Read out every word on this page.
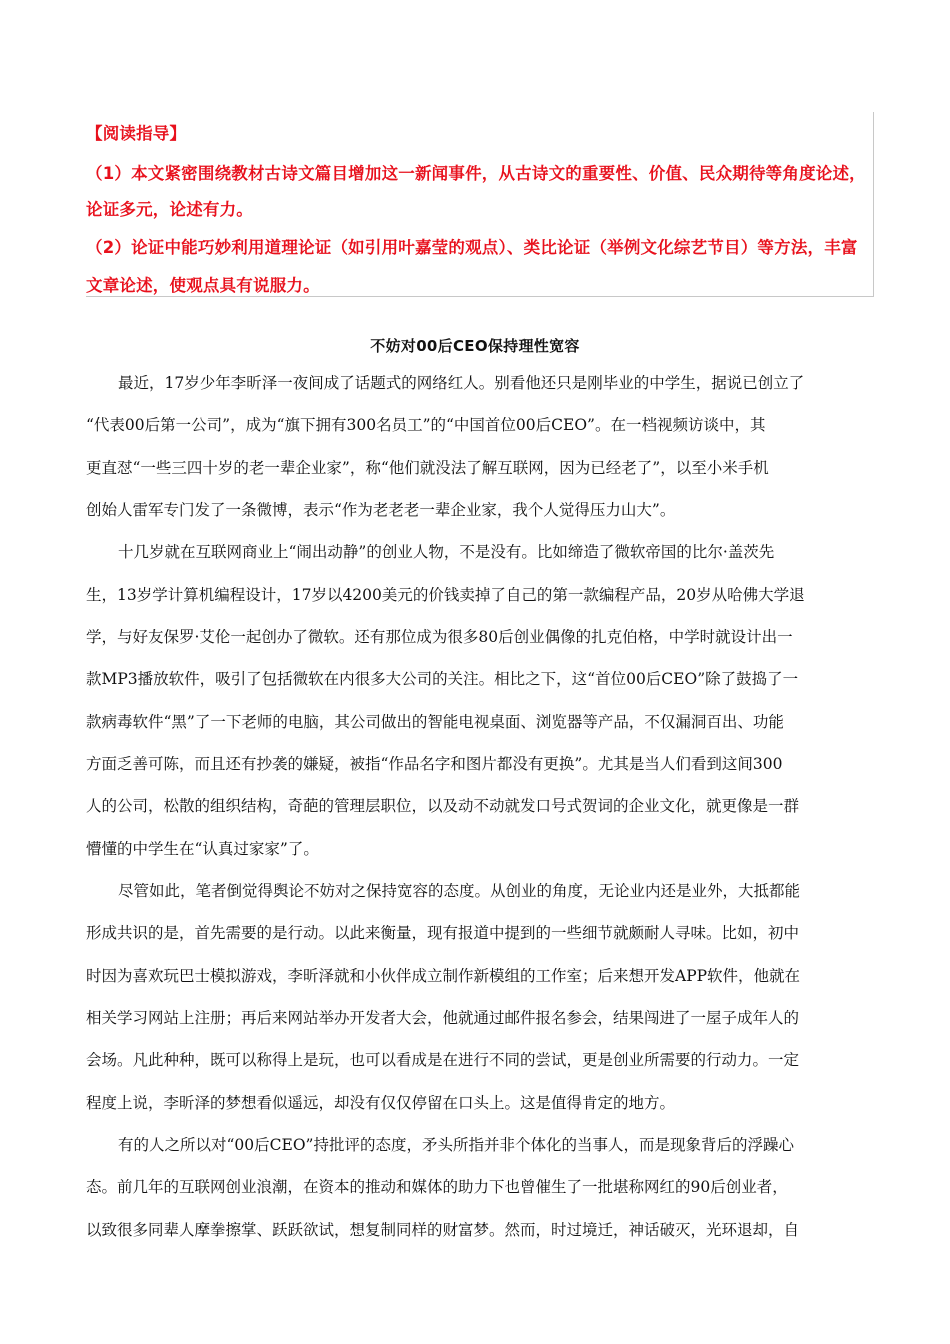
【阅读指导】
（1）本文紧密围绕教材古诗文篇目增加这一新闻事件，从古诗文的重要性、价值、民众期待等角度论述，
论证多元，论述有力。
（2）论证中能巧妙利用道理论证（如引用叶嘉莹的观点）、类比论证（举例文化综艺节目）等方法，丰富
文章论述，使观点具有说服力。
不妨对00后CEO保持理性宽容
最近，17岁少年李昕泽一夜间成了话题式的网络红人。别看他还只是刚毕业的中学生，据说已创立了
“代表00后第一公司”，成为“旗下拥有300名员工”的“中国首位00后CEO”。在一档视频访谈中，其
更直怼“一些三四十岁的老一辈企业家”，称“他们就没法了解互联网，因为已经老了”，以至小米手机
创始人雷军专门发了一条微博，表示“作为老老老一辈企业家，我个人觉得压力山大”。
十几岁就在互联网商业上“闹出动静”的创业人物，不是没有。比如缔造了微软帝国的比尔·盖茨先
生，13岁学计算机编程设计，17岁以4200美元的价钱卖掉了自己的第一款编程产品，20岁从哈佛大学退
学，与好友保罗·艾伦一起创办了微软。还有那位成为很多80后创业偶像的扎克伯格，中学时就设计出一
款MP3播放软件，吸引了包括微软在内很多大公司的关注。相比之下，这“首位00后CEO”除了鼓捣了一
款病毒软件“黑”了一下老师的电脑，其公司做出的智能电视桌面、浏览器等产品，不仅漏洞百出、功能
方面乏善可陈，而且还有抄袭的嫌疑，被指“作品名字和图片都没有更换”。尤其是当人们看到这间300
人的公司，松散的组织结构，奇葩的管理层职位，以及动不动就发口号式贺词的企业文化，就更像是一群
懵懂的中学生在“认真过家家”了。
尽管如此，笔者倒觉得舆论不妨对之保持宽容的态度。从创业的角度，无论业内还是业外，大抵都能
形成共识的是，首先需要的是行动。以此来衡量，现有报道中提到的一些细节就颇耐人寻味。比如，初中
时因为喜欢玩巴士模拟游戏，李昕泽就和小伙伴成立制作新模组的工作室；后来想开发APP软件，他就在
相关学习网站上注册；再后来网站举办开发者大会，他就通过邮件报名参会，结果闯进了一屋子成年人的
会场。凡此种种，既可以称得上是玩，也可以看成是在进行不同的尝试，更是创业所需要的行动力。一定
程度上说，李昕泽的梦想看似遥远，却没有仅仅停留在口头上。这是值得肯定的地方。
有的人之所以对“00后CEO”持批评的态度，矛头所指并非个体化的当事人，而是现象背后的浮躁心
态。前几年的互联网创业浪潮，在资本的推动和媒体的助力下也曾催生了一批堪称网红的90后创业者，
以致很多同辈人摩拳擦掌、跃跃欲试，想复制同样的财富梦。然而，时过境迁，神话破灭，光环退却，自
